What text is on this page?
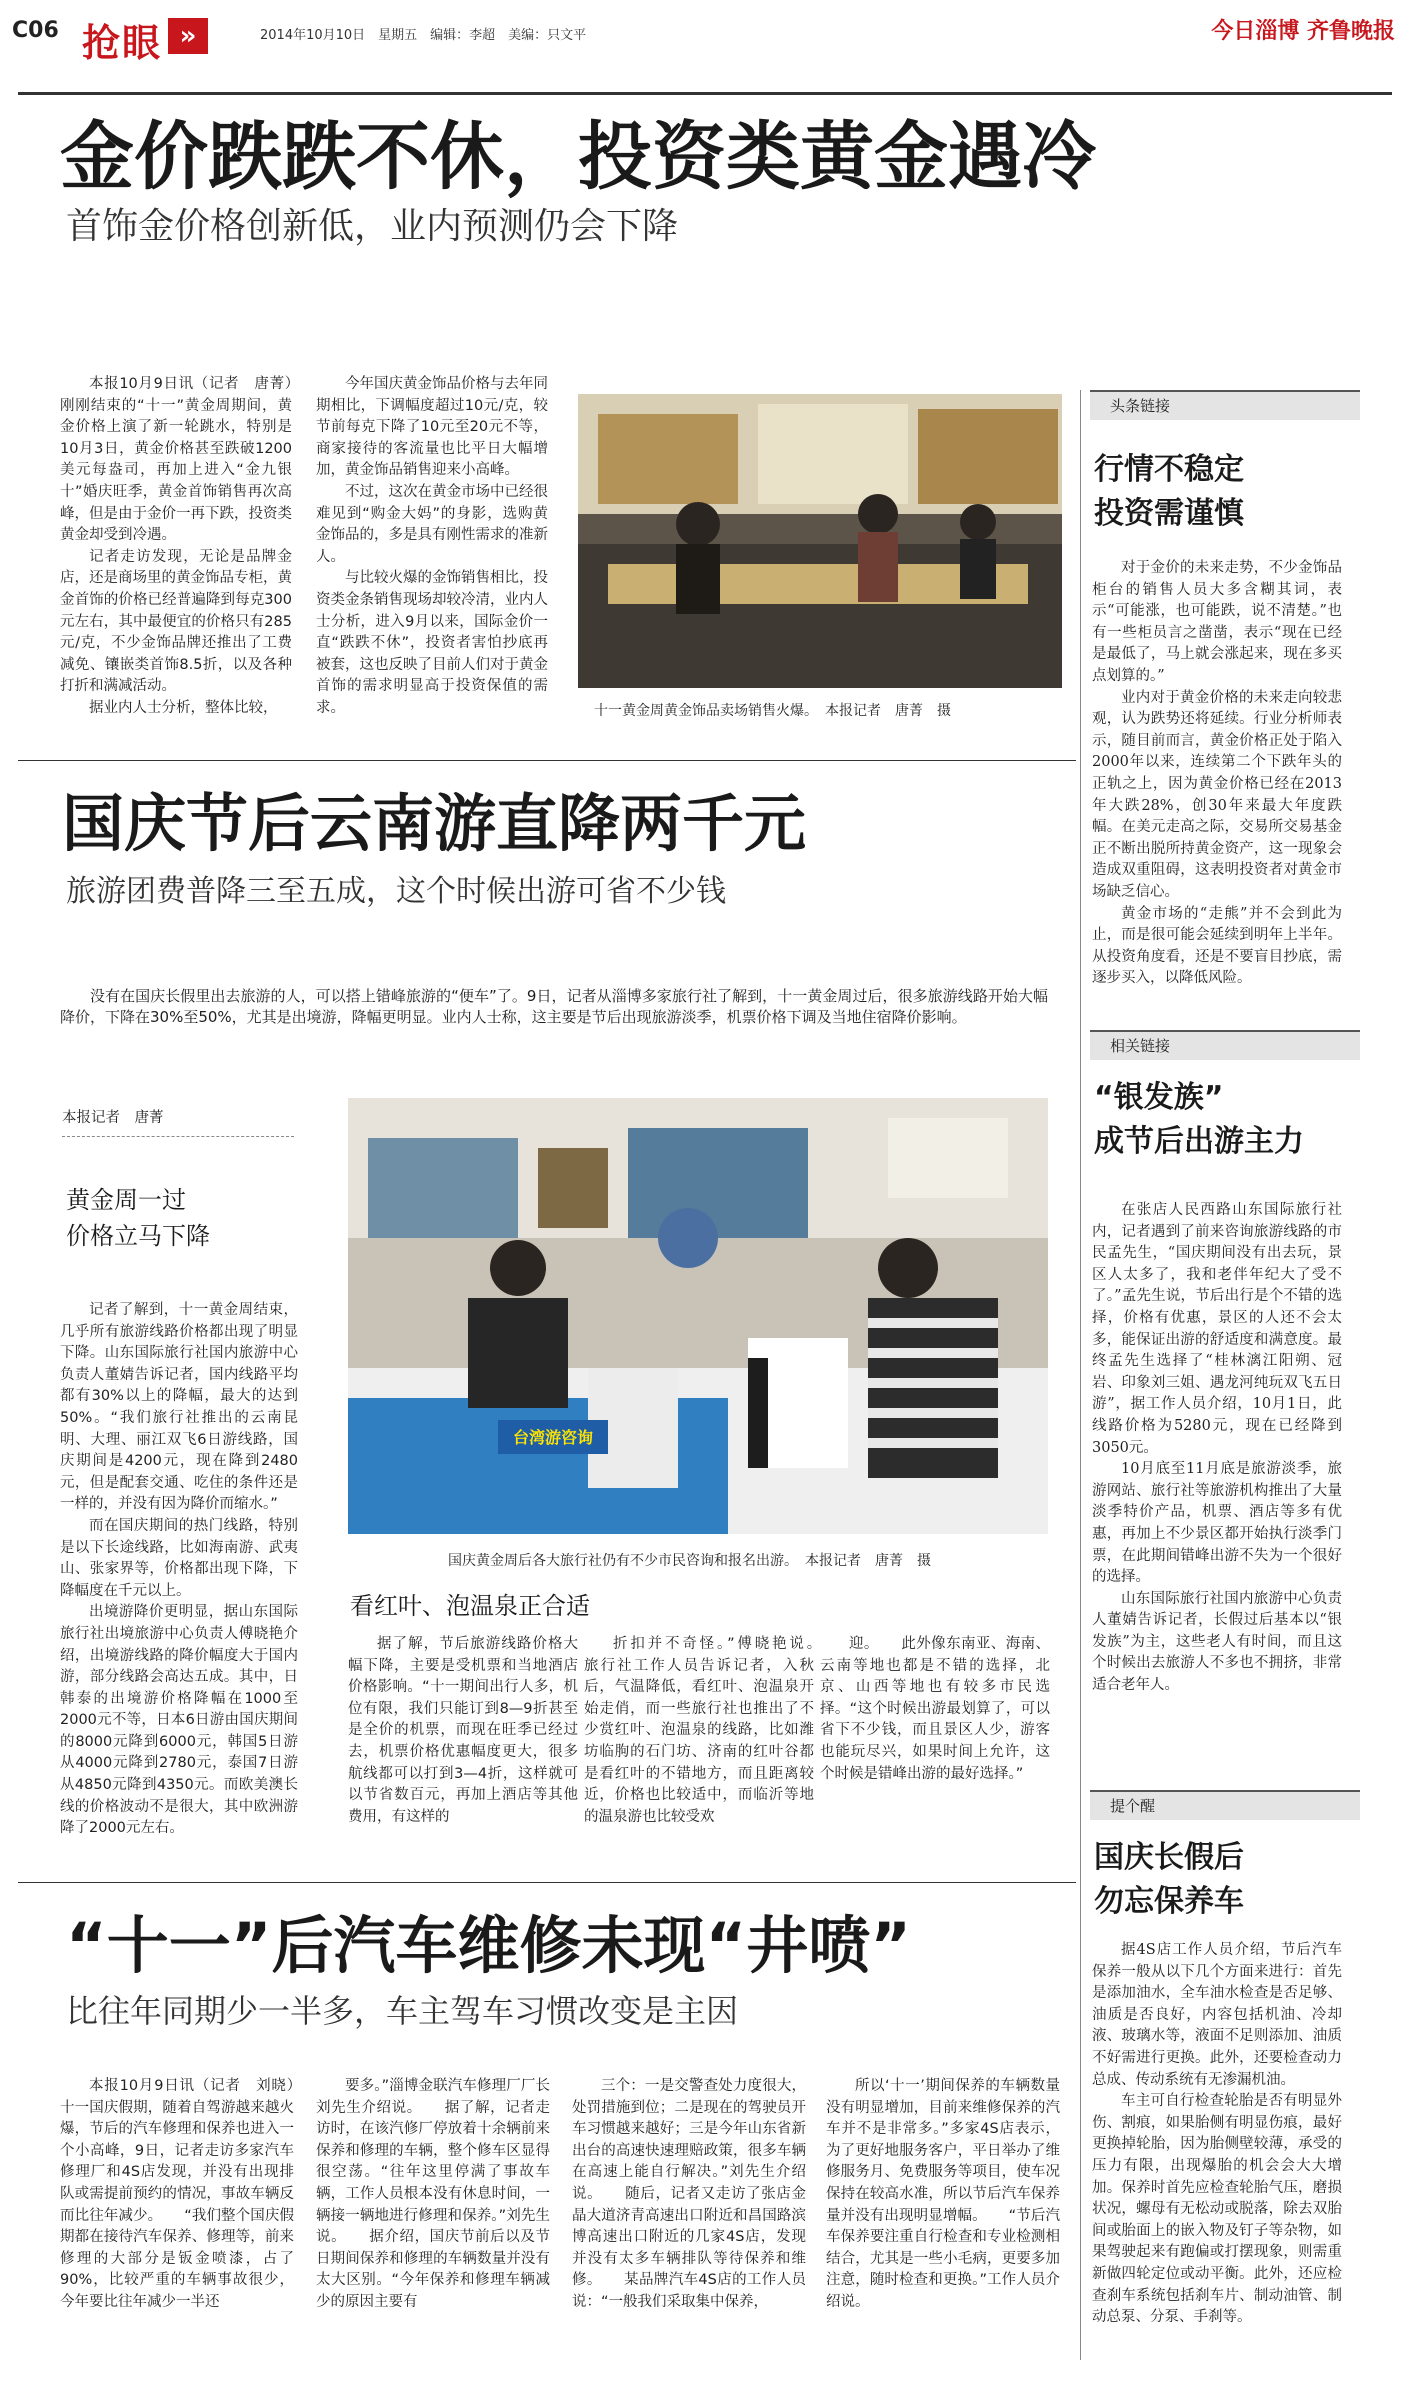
C06 抢眼 »	2014年10月10日　星期五　编辑：李超　美编：只文平	今日淄博 齐鲁晚报
金价跌跌不休，投资类黄金遇冷
首饰金价格创新低，业内预测仍会下降

本报10月9日讯（记者　唐菁）　刚刚结束的“十一”黄金周期间，黄金价格上演了新一轮跳水，特别是10月3日，黄金价格甚至跌破1200美元每盎司，再加上进入“金九银十”婚庆旺季，黄金首饰销售再次高峰，但是由于金价一再下跌，投资类黄金却受到冷遇。

记者走访发现，无论是品牌金店，还是商场里的黄金饰品专柜，黄金首饰的价格已经普遍降到每克300元左右，其中最便宜的价格只有285元/克，不少金饰品牌还推出了工费减免、镶嵌类首饰8.5折，以及各种打折和满减活动。

据业内人士分析，整体比较，

今年国庆黄金饰品价格与去年同期相比，下调幅度超过10元/克，较节前每克下降了10元至20元不等，商家接待的客流量也比平日大幅增加，黄金饰品销售迎来小高峰。

不过，这次在黄金市场中已经很难见到“购金大妈”的身影，选购黄金饰品的，多是具有刚性需求的准新人。

与比较火爆的金饰销售相比，投资类金条销售现场却较冷清，业内人士分析，进入9月以来，国际金价一直“跌跌不休”，投资者害怕抄底再被套，这也反映了目前人们对于黄金首饰的需求明显高于投资保值的需求。	十一黄金周黄金饰品卖场销售火爆。　本报记者　唐菁　摄
国庆节后云南游直降两千元
旅游团费普降三至五成，这个时候出游可省不少钱

没有在国庆长假里出去旅游的人，可以搭上错峰旅游的“便车”了。9日，记者从淄博多家旅行社了解到，十一黄金周过后，很多旅游线路开始大幅降价，下降在30%至50%，尤其是出境游，降幅更明显。业内人士称，这主要是节后出现旅游淡季，机票价格下调及当地住宿降价影响。

本报记者　唐菁
黄金周一过
价格立马下降

记者了解到，十一黄金周结束，几乎所有旅游线路价格都出现了明显下降。山东国际旅行社国内旅游中心负责人董婧告诉记者，国内线路平均都有30%以上的降幅，最大的达到50%。“我们旅行社推出的云南昆明、大理、丽江双飞6日游线路，国庆期间是4200元，现在降到2480元，但是配套交通、吃住的条件还是一样的，并没有因为降价而缩水。”

而在国庆期间的热门线路，特别是以下长途线路，比如海南游、武夷山、张家界等，价格都出现下降，下降幅度在千元以上。

出境游降价更明显，据山东国际旅行社出境旅游中心负责人傅晓艳介绍，出境游线路的降价幅度大于国内游，部分线路会高达五成。其中，日韩泰的出境游价格降幅在1000至2000元不等，日本6日游由国庆期间的8000元降到6000元，韩国5日游从4000元降到2780元，泰国7日游从4850元降到4350元。而欧美澳长线的价格波动不是很大，其中欧洲游降了2000元左右。

台湾游咨询
国庆黄金周后各大旅行社仍有不少市民咨询和报名出游。　本报记者　唐菁　摄
看红叶、泡温泉正合适

据了解，节后旅游线路价格大幅下降，主要是受机票和当地酒店价格影响。“十一期间出行人多，机位有限，我们只能订到8—9折甚至是全价的机票，而现在旺季已经过去，机票价格优惠幅度更大，很多航线都可以打到3—4折，这样就可以节省数百元，再加上酒店等其他费用，有这样的

折扣并不奇怪。”傅晓艳说。　　旅行社工作人员告诉记者，入秋后，气温降低，看红叶、泡温泉开始走俏，而一些旅行社也推出了不少赏红叶、泡温泉的线路，比如潍坊临朐的石门坊、济南的红叶谷都是看红叶的不错地方，而且距离较近，价格也比较适中，而临沂等地的温泉游也比较受欢

迎。　　此外像东南亚、海南、云南等地也都是不错的选择，北京、山西等地也有较多市民选择。“这个时候出游最划算了，可以省下不少钱，而且景区人少，游客也能玩尽兴，如果时间上允许，这个时候是错峰出游的最好选择。”

“十一”后汽车维修未现“井喷”
比往年同期少一半多，车主驾车习惯改变是主因

本报10月9日讯（记者　刘晓）　十一国庆假期，随着自驾游越来越火爆，节后的汽车修理和保养也进入一个小高峰，9日，记者走访多家汽车修理厂和4S店发现，并没有出现排队或需提前预约的情况，事故车辆反而比往年减少。　　“我们整个国庆假期都在接待汽车保养、修理等，前来修理的大部分是钣金喷漆，占了90%，比较严重的车辆事故很少，今年要比往年减少一半还

要多。”淄博金联汽车修理厂厂长刘先生介绍说。　　据了解，记者走访时，在该汽修厂停放着十余辆前来保养和修理的车辆，整个修车区显得很空荡。“往年这里停满了事故车辆，工作人员根本没有休息时间，一辆接一辆地进行修理和保养。”刘先生说。　　据介绍，国庆节前后以及节日期间保养和修理的车辆数量并没有太大区别。“今年保养和修理车辆减少的原因主要有

三个：一是交警查处力度很大，处罚措施到位；二是现在的驾驶员开车习惯越来越好；三是今年山东省新出台的高速快速理赔政策，很多车辆在高速上能自行解决。”刘先生介绍说。　　随后，记者又走访了张店金晶大道济青高速出口附近和昌国路滨博高速出口附近的几家4S店，发现并没有太多车辆排队等待保养和维修。　　某品牌汽车4S店的工作人员说：“一般我们采取集中保养，

所以‘十一’期间保养的车辆数量没有明显增加，目前来维修保养的汽车并不是非常多。”多家4S店表示，为了更好地服务客户，平日举办了维修服务月、免费服务等项目，使车况保持在较高水准，所以节后汽车保养量并没有出现明显增幅。　　“节后汽车保养要注重自行检查和专业检测相结合，尤其是一些小毛病，更要多加注意，随时检查和更换。”工作人员介绍说。

头条链接
行情不稳定
投资需谨慎

对于金价的未来走势，不少金饰品柜台的销售人员大多含糊其词，表示“可能涨，也可能跌，说不清楚。”也有一些柜员言之凿凿，表示“现在已经是最低了，马上就会涨起来，现在多买点划算的。”

业内对于黄金价格的未来走向较悲观，认为跌势还将延续。行业分析师表示，随目前而言，黄金价格正处于陷入2000年以来，连续第二个下跌年头的正轨之上，因为黄金价格已经在2013年大跌28%，创30年来最大年度跌幅。在美元走高之际，交易所交易基金正不断出脱所持黄金资产，这一现象会造成双重阻碍，这表明投资者对黄金市场缺乏信心。

黄金市场的“走熊”并不会到此为止，而是很可能会延续到明年上半年。从投资角度看，还是不要盲目抄底，需逐步买入，以降低风险。

相关链接
“银发族”
成节后出游主力

在张店人民西路山东国际旅行社内，记者遇到了前来咨询旅游线路的市民孟先生，“国庆期间没有出去玩，景区人太多了，我和老伴年纪大了受不了。”孟先生说，节后出行是个不错的选择，价格有优惠，景区的人还不会太多，能保证出游的舒适度和满意度。最终孟先生选择了“桂林漓江阳朔、冠岩、印象刘三姐、遇龙河纯玩双飞五日游”，据工作人员介绍，10月1日，此线路价格为5280元，现在已经降到3050元。

10月底至11月底是旅游淡季，旅游网站、旅行社等旅游机构推出了大量淡季特价产品，机票、酒店等多有优惠，再加上不少景区都开始执行淡季门票，在此期间错峰出游不失为一个很好的选择。

山东国际旅行社国内旅游中心负责人董婧告诉记者，长假过后基本以“银发族”为主，这些老人有时间，而且这个时候出去旅游人不多也不拥挤，非常适合老年人。

提个醒
国庆长假后
勿忘保养车

据4S店工作人员介绍，节后汽车保养一般从以下几个方面来进行：首先是添加油水，全车油水检查是否足够、油质是否良好，内容包括机油、冷却液、玻璃水等，液面不足则添加、油质不好需进行更换。此外，还要检查动力总成、传动系统有无渗漏机油。

车主可自行检查轮胎是否有明显外伤、割痕，如果胎侧有明显伤痕，最好更换掉轮胎，因为胎侧壁较薄，承受的压力有限，出现爆胎的机会会大大增加。保养时首先应检查轮胎气压，磨损状况，螺母有无松动或脱落，除去双胎间或胎面上的嵌入物及钉子等杂物，如果驾驶起来有跑偏或打摆现象，则需重新做四轮定位或动平衡。此外，还应检查刹车系统包括刹车片、制动油管、制动总泵、分泵、手刹等。
